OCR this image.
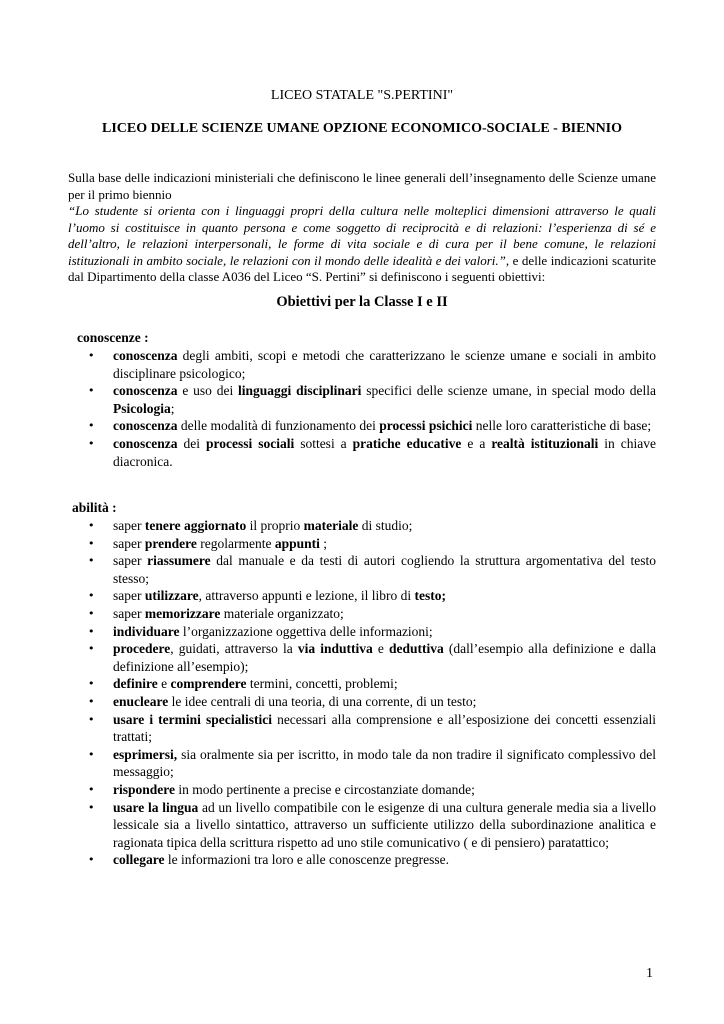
LICEO STATALE "S.PERTINI"
LICEO DELLE SCIENZE UMANE OPZIONE ECONOMICO-SOCIALE - BIENNIO
Sulla base delle indicazioni ministeriali che definiscono le linee generali dell’insegnamento delle Scienze umane per il primo biennio
“Lo studente si orienta con i linguaggi propri della cultura nelle molteplici dimensioni attraverso le quali l’uomo si costituisce in quanto persona e come soggetto di reciprocità e di relazioni: l’esperienza di sé e dell’altro, le relazioni interpersonali, le forme di vita sociale e di cura per il bene comune, le relazioni istituzionali in ambito sociale, le relazioni con il mondo delle idealità e dei valori.”, e delle indicazioni scaturite dal Dipartimento della classe A036 del Liceo “S. Pertini” si definiscono i seguenti obiettivi:
Obiettivi per la Classe I e II
conoscenze :
•	conoscenza degli ambiti, scopi e metodi che caratterizzano le scienze umane e sociali in ambito disciplinare psicologico;
•	conoscenza e uso dei linguaggi disciplinari specifici delle scienze umane, in special modo della Psicologia;
•	conoscenza delle modalità di funzionamento dei processi psichici nelle loro caratteristiche di base;
•	conoscenza dei processi sociali sottesi a pratiche educative e a realtà istituzionali in chiave diacronica.
abilità :
•	saper tenere aggiornato il proprio materiale di studio;
•	saper prendere regolarmente appunti ;
•	saper riassumere dal manuale e da testi di autori cogliendo la struttura argomentativa del testo stesso;
•	saper utilizzare, attraverso appunti e lezione, il libro di testo;
•	saper memorizzare materiale organizzato;
•	individuare l’organizzazione oggettiva delle informazioni;
•	procedere, guidati, attraverso la via induttiva e deduttiva (dall’esempio alla definizione e dalla definizione all’esempio);
•	definire e comprendere termini, concetti, problemi;
•	enucleare le idee centrali di una teoria, di una corrente, di un testo;
•	usare i termini specialistici necessari alla comprensione e all’esposizione dei concetti essenziali trattati;
•	esprimersi, sia oralmente sia per iscritto, in modo tale da non tradire il significato complessivo del messaggio;
•	rispondere in modo pertinente a precise e circostanziate domande;
•	usare la lingua ad un livello compatibile con le esigenze di una cultura generale media sia a livello lessicale sia a livello sintattico, attraverso un sufficiente utilizzo della subordinazione analitica e ragionata tipica della scrittura rispetto ad uno stile comunicativo ( e di pensiero) paratattico;
•	collegare le informazioni tra loro e alle conoscenze pregresse.
1
